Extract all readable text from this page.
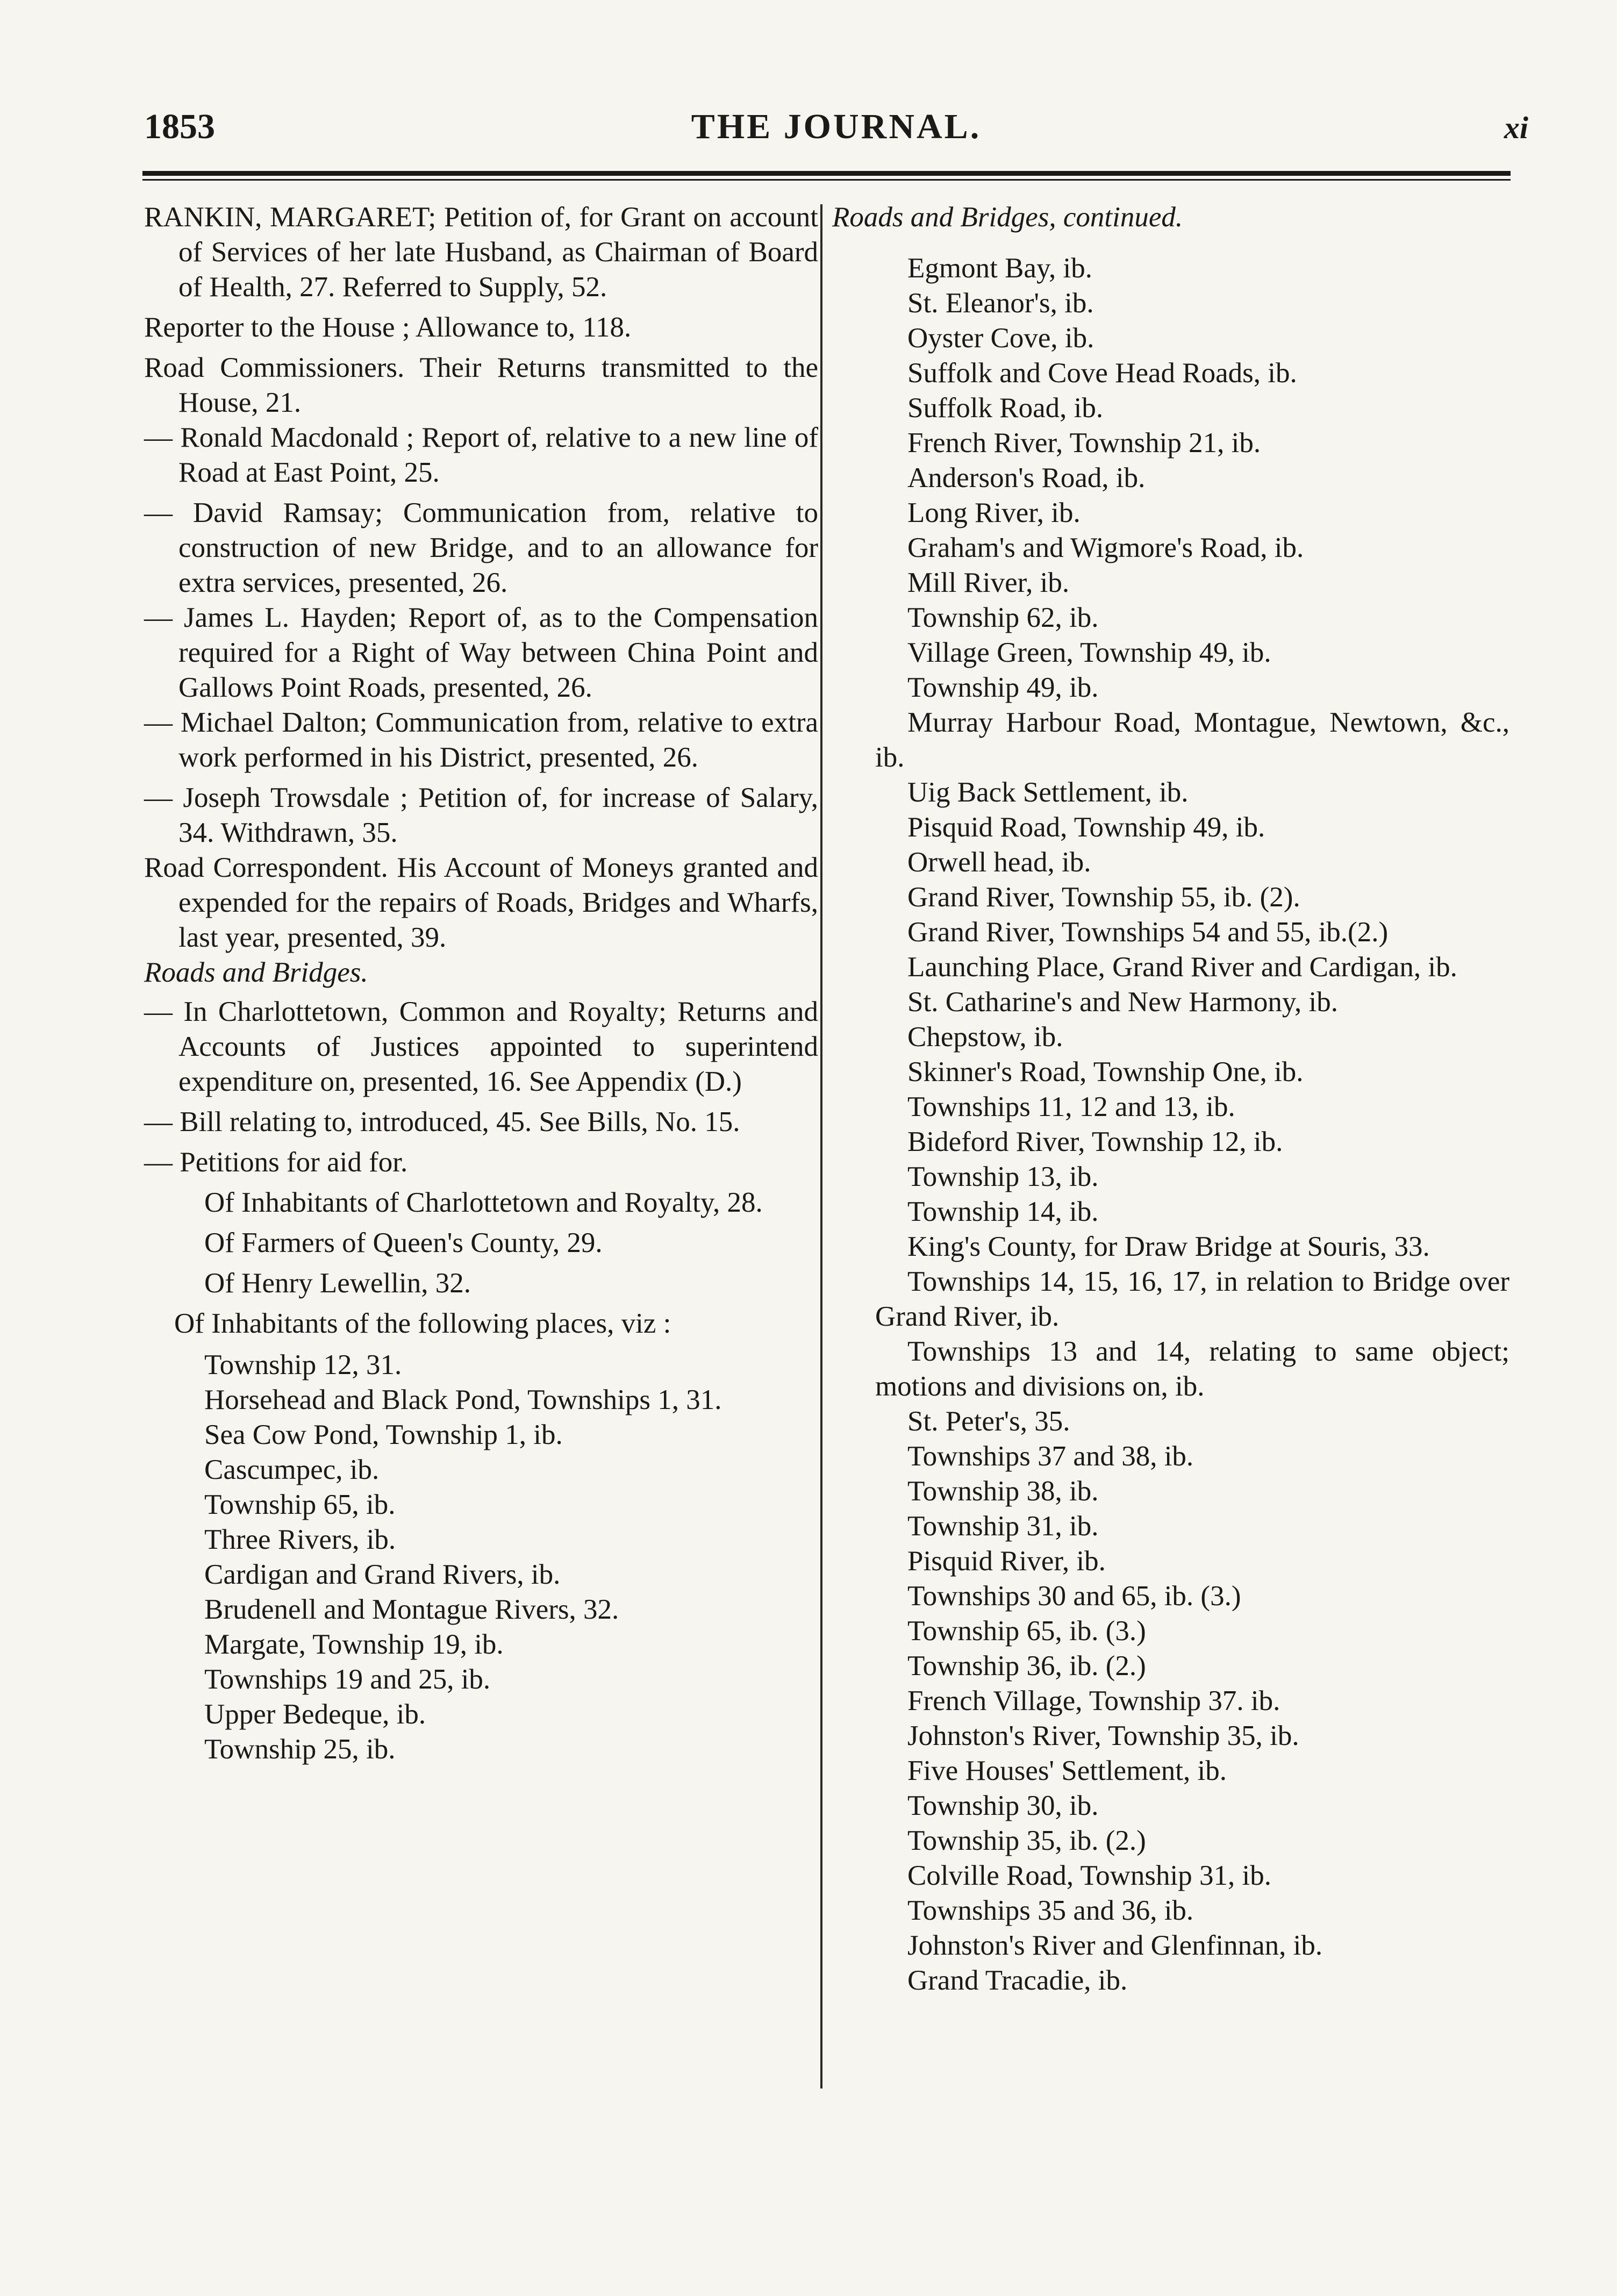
1853	THE JOURNAL.	xi

RANKIN, MARGARET; Petition of, for Grant on account of Services of her late Husband, as Chairman of Board of Health, 27. Referred to Supply, 52.

Reporter to the House ; Allowance to, 118.

Road Commissioners. Their Returns transmitted to the House, 21.

— Ronald Macdonald ; Report of, relative to a new line of Road at East Point, 25.

— David Ramsay; Communication from, relative to construction of new Bridge, and to an allowance for extra services, presented, 26.

— James L. Hayden; Report of, as to the Compensation required for a Right of Way between China Point and Gallows Point Roads, presented, 26.

— Michael Dalton; Communication from, relative to extra work performed in his District, presented, 26.

— Joseph Trowsdale ; Petition of, for increase of Salary, 34. Withdrawn, 35.

Road Correspondent. His Account of Moneys granted and expended for the repairs of Roads, Bridges and Wharfs, last year, presented, 39.

Roads and Bridges.

— In Charlottetown, Common and Royalty; Returns and Accounts of Justices appointed to superintend expenditure on, presented, 16. See Appendix (D.)

— Bill relating to, introduced, 45. See Bills, No. 15.

— Petitions for aid for.

Of Inhabitants of Charlottetown and Royalty, 28.

Of Farmers of Queen's County, 29.

Of Henry Lewellin, 32.

Of Inhabitants of the following places, viz :

Township 12, 31.

Horsehead and Black Pond, Townships 1, 31.

Sea Cow Pond, Township 1, ib.

Cascumpec, ib.

Township 65, ib.

Three Rivers, ib.

Cardigan and Grand Rivers, ib.

Brudenell and Montague Rivers, 32.

Margate, Township 19, ib.

Townships 19 and 25, ib.

Upper Bedeque, ib.

Township 25, ib.

Roads and Bridges, continued.

Egmont Bay, ib.

St. Eleanor's, ib.

Oyster Cove, ib.

Suffolk and Cove Head Roads, ib.

Suffolk Road, ib.

French River, Township 21, ib.

Anderson's Road, ib.

Long River, ib.

Graham's and Wigmore's Road, ib.

Mill River, ib.

Township 62, ib.

Village Green, Township 49, ib.

Township 49, ib.

Murray Harbour Road, Montague, Newtown, &c., ib.

Uig Back Settlement, ib.

Pisquid Road, Township 49, ib.

Orwell head, ib.

Grand River, Township 55, ib. (2).

Grand River, Townships 54 and 55, ib.(2.)

Launching Place, Grand River and Cardigan, ib.

St. Catharine's and New Harmony, ib.

Chepstow, ib.

Skinner's Road, Township One, ib.

Townships 11, 12 and 13, ib.

Bideford River, Township 12, ib.

Township 13, ib.

Township 14, ib.

King's County, for Draw Bridge at Souris, 33.

Townships 14, 15, 16, 17, in relation to Bridge over Grand River, ib.

Townships 13 and 14, relating to same object; motions and divisions on, ib.

St. Peter's, 35.

Townships 37 and 38, ib.

Township 38, ib.

Township 31, ib.

Pisquid River, ib.

Townships 30 and 65, ib. (3.)

Township 65, ib. (3.)

Township 36, ib. (2.)

French Village, Township 37. ib.

Johnston's River, Township 35, ib.

Five Houses' Settlement, ib.

Township 30, ib.

Township 35, ib. (2.)

Colville Road, Township 31, ib.

Townships 35 and 36, ib.

Johnston's River and Glenfinnan, ib.

Grand Tracadie, ib.
